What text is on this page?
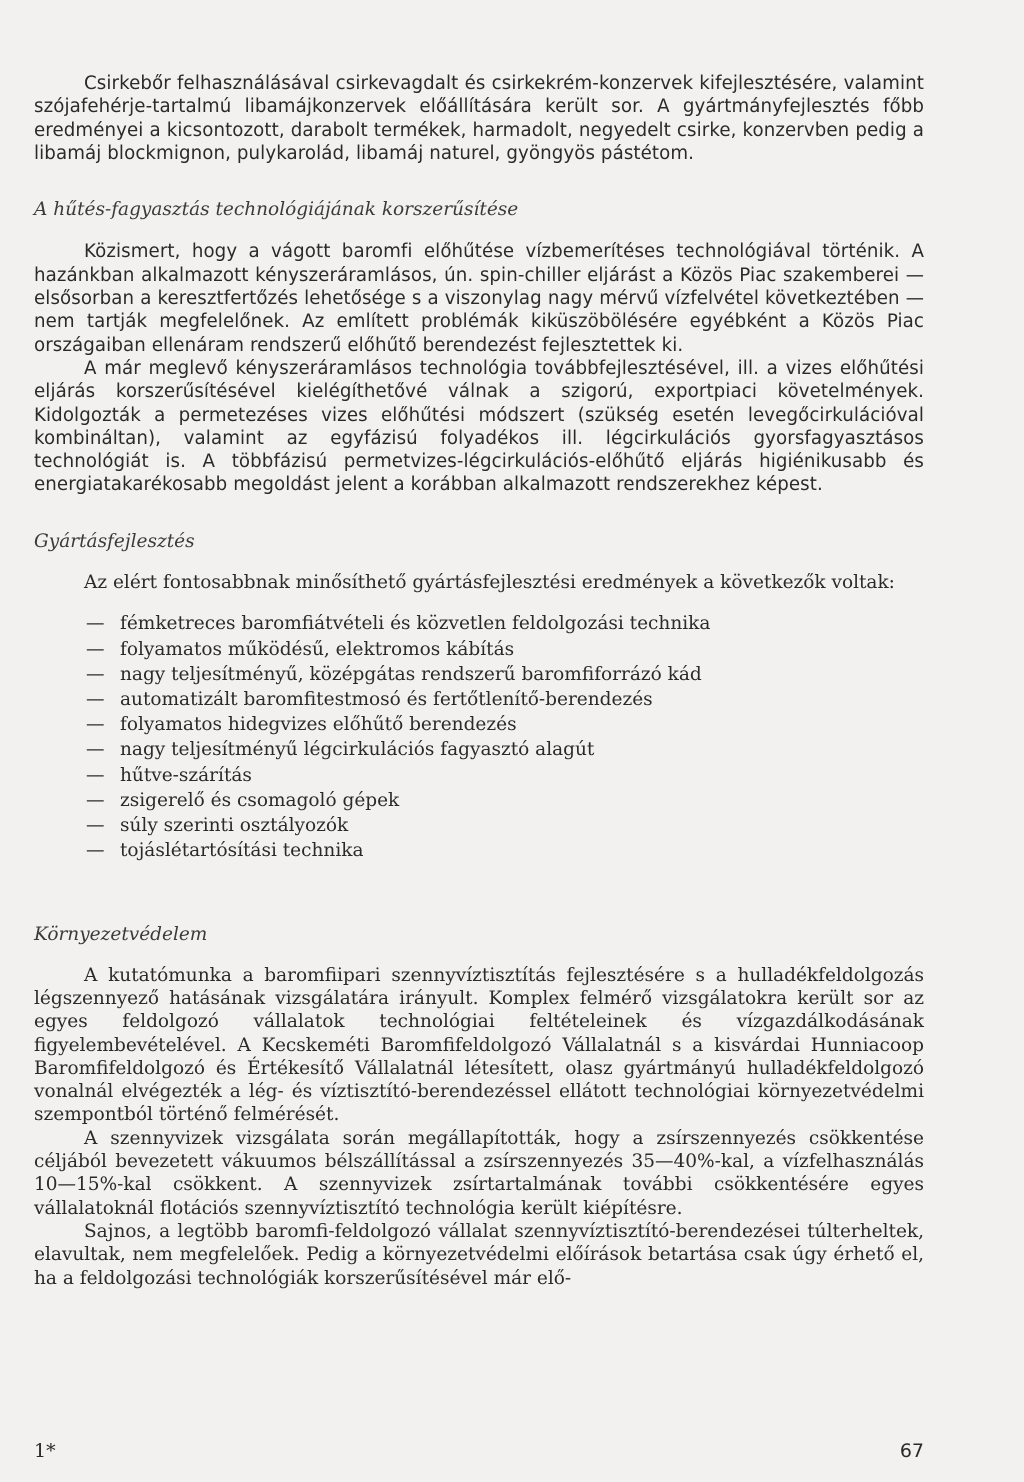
Csirkebőr felhasználásával csirkevagdalt és csirkekrém-konzervek kifejlesztésére, valamint szójafehérje-tartalmú libamájkonzervek előállítására került sor. A gyártmányfejlesztés főbb eredményei a kicsontozott, darabolt termékek, harmadolt, negyedelt csirke, konzervben pedig a libamáj blockmignon, pulykarolád, libamáj naturel, gyöngyös pástétom.

A hűtés-fagyasztás technológiájának korszerűsítése

Közismert, hogy a vágott baromfi előhűtése vízbemerítéses technológiával történik. A hazánkban alkalmazott kényszeráramlásos, ún. spin-chiller eljárást a Közös Piac szakemberei — elsősorban a keresztfertőzés lehetősége s a viszonylag nagy mérvű vízfelvétel következtében — nem tartják megfelelőnek. Az említett problémák kiküszöbölésére egyébként a Közös Piac országaiban ellenáram rendszerű előhűtő berendezést fejlesztettek ki.

A már meglevő kényszeráramlásos technológia továbbfejlesztésével, ill. a vizes előhűtési eljárás korszerűsítésével kielégíthetővé válnak a szigorú, exportpiaci követelmények. Kidolgozták a permetezéses vizes előhűtési módszert (szükség esetén levegőcirkulációval kombináltan), valamint az egyfázisú folyadékos ill. légcirkulációs gyorsfagyasztásos technológiát is. A többfázisú permetvizes-légcirkulációs-előhűtő eljárás higiénikusabb és energiatakarékosabb megoldást jelent a korábban alkalmazott rendszerekhez képest.

Gyártásfejlesztés

Az elért fontosabbnak minősíthető gyártásfejlesztési eredmények a következők voltak:

— fémketreces baromfiátvételi és közvetlen feldolgozási technika
— folyamatos működésű, elektromos kábítás
— nagy teljesítményű, középgátas rendszerű baromfiforrázó kád
— automatizált baromfitestmosó és fertőtlenítő-berendezés
— folyamatos hidegvizes előhűtő berendezés
— nagy teljesítményű légcirkulációs fagyasztó alagút
— hűtve-szárítás
— zsigerelő és csomagoló gépek
— súly szerinti osztályozók
— tojáslétartósítási technika

Környezetvédelem

A kutatómunka a baromfiipari szennyvíztisztítás fejlesztésére s a hulladékfeldolgozás légszennyező hatásának vizsgálatára irányult. Komplex felmérő vizsgálatokra került sor az egyes feldolgozó vállalatok technológiai feltételeinek és vízgazdálkodásának figyelembevételével. A Kecskeméti Baromfifeldolgozó Vállalatnál s a kisvárdai Hunniacoop Baromfifeldolgozó és Értékesítő Vállalatnál létesített, olasz gyártmányú hulladékfeldolgozó vonalnál elvégezték a lég- és víztisztító-berendezéssel ellátott technológiai környezetvédelmi szempontból történő felmérését.

A szennyvizek vizsgálata során megállapították, hogy a zsírszennyezés csökkentése céljából bevezetett vákuumos bélszállítással a zsírszennyezés 35—40%-kal, a vízfelhasználás 10—15%-kal csökkent. A szennyvizek zsírtartalmának további csökkentésére egyes vállalatoknál flotációs szennyvíztisztító technológia került kiépítésre.

Sajnos, a legtöbb baromfi-feldolgozó vállalat szennyvíztisztító-berendezései túlterheltek, elavultak, nem megfelelőek. Pedig a környezetvédelmi előírások betartása csak úgy érhető el, ha a feldolgozási technológiák korszerűsítésével már elő-

1*	67
